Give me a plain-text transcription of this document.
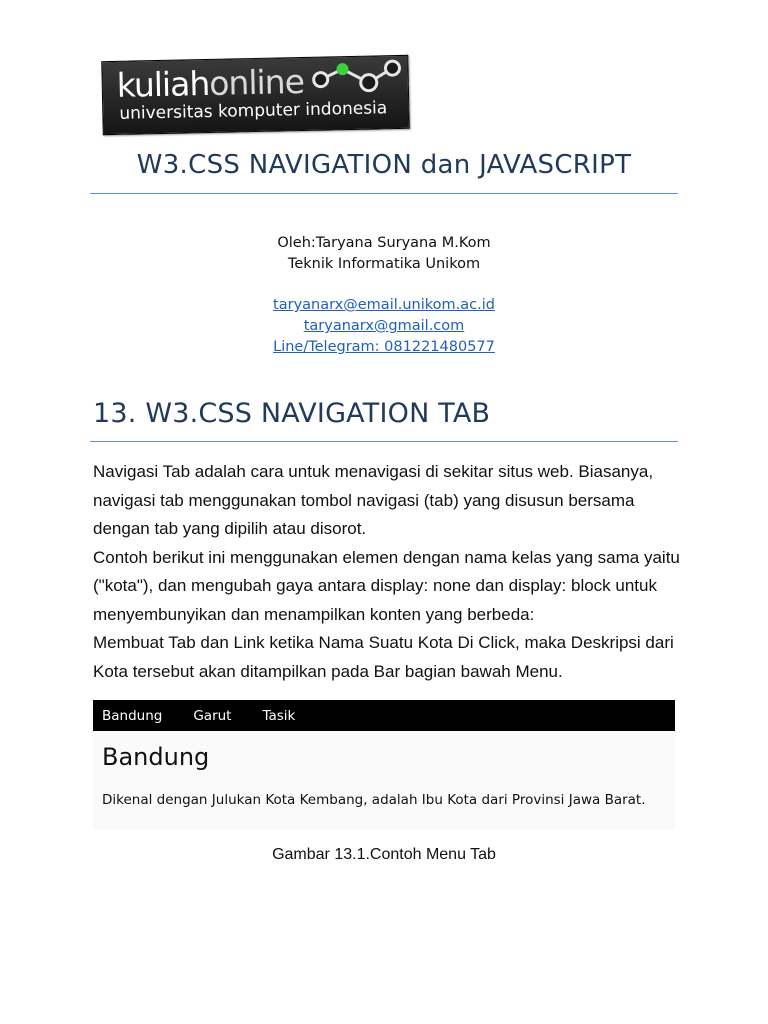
kuliahonline
universitas komputer indonesia
W3.CSS NAVIGATION dan JAVASCRIPT
Oleh:Taryana Suryana M.Kom
Teknik Informatika Unikom
taryanarx@email.unikom.ac.id
taryanarx@gmail.com
Line/Telegram: 081221480577
13. W3.CSS NAVIGATION TAB

Navigasi Tab adalah cara untuk menavigasi di sekitar situs web. Biasanya, navigasi tab menggunakan tombol navigasi (tab) yang disusun bersama dengan tab yang dipilih atau disorot.

Contoh berikut ini menggunakan elemen dengan nama kelas yang sama yaitu ("kota"), dan mengubah gaya antara display: none dan display: block untuk menyembunyikan dan menampilkan konten yang berbeda:

Membuat Tab dan Link ketika Nama Suatu Kota Di Click, maka Deskripsi dari Kota tersebut akan ditampilkan pada Bar bagian bawah Menu.

Bandung Garut Tasik
Bandung
Dikenal dengan Julukan Kota Kembang, adalah Ibu Kota dari Provinsi Jawa Barat.
Gambar 13.1.Contoh Menu Tab
